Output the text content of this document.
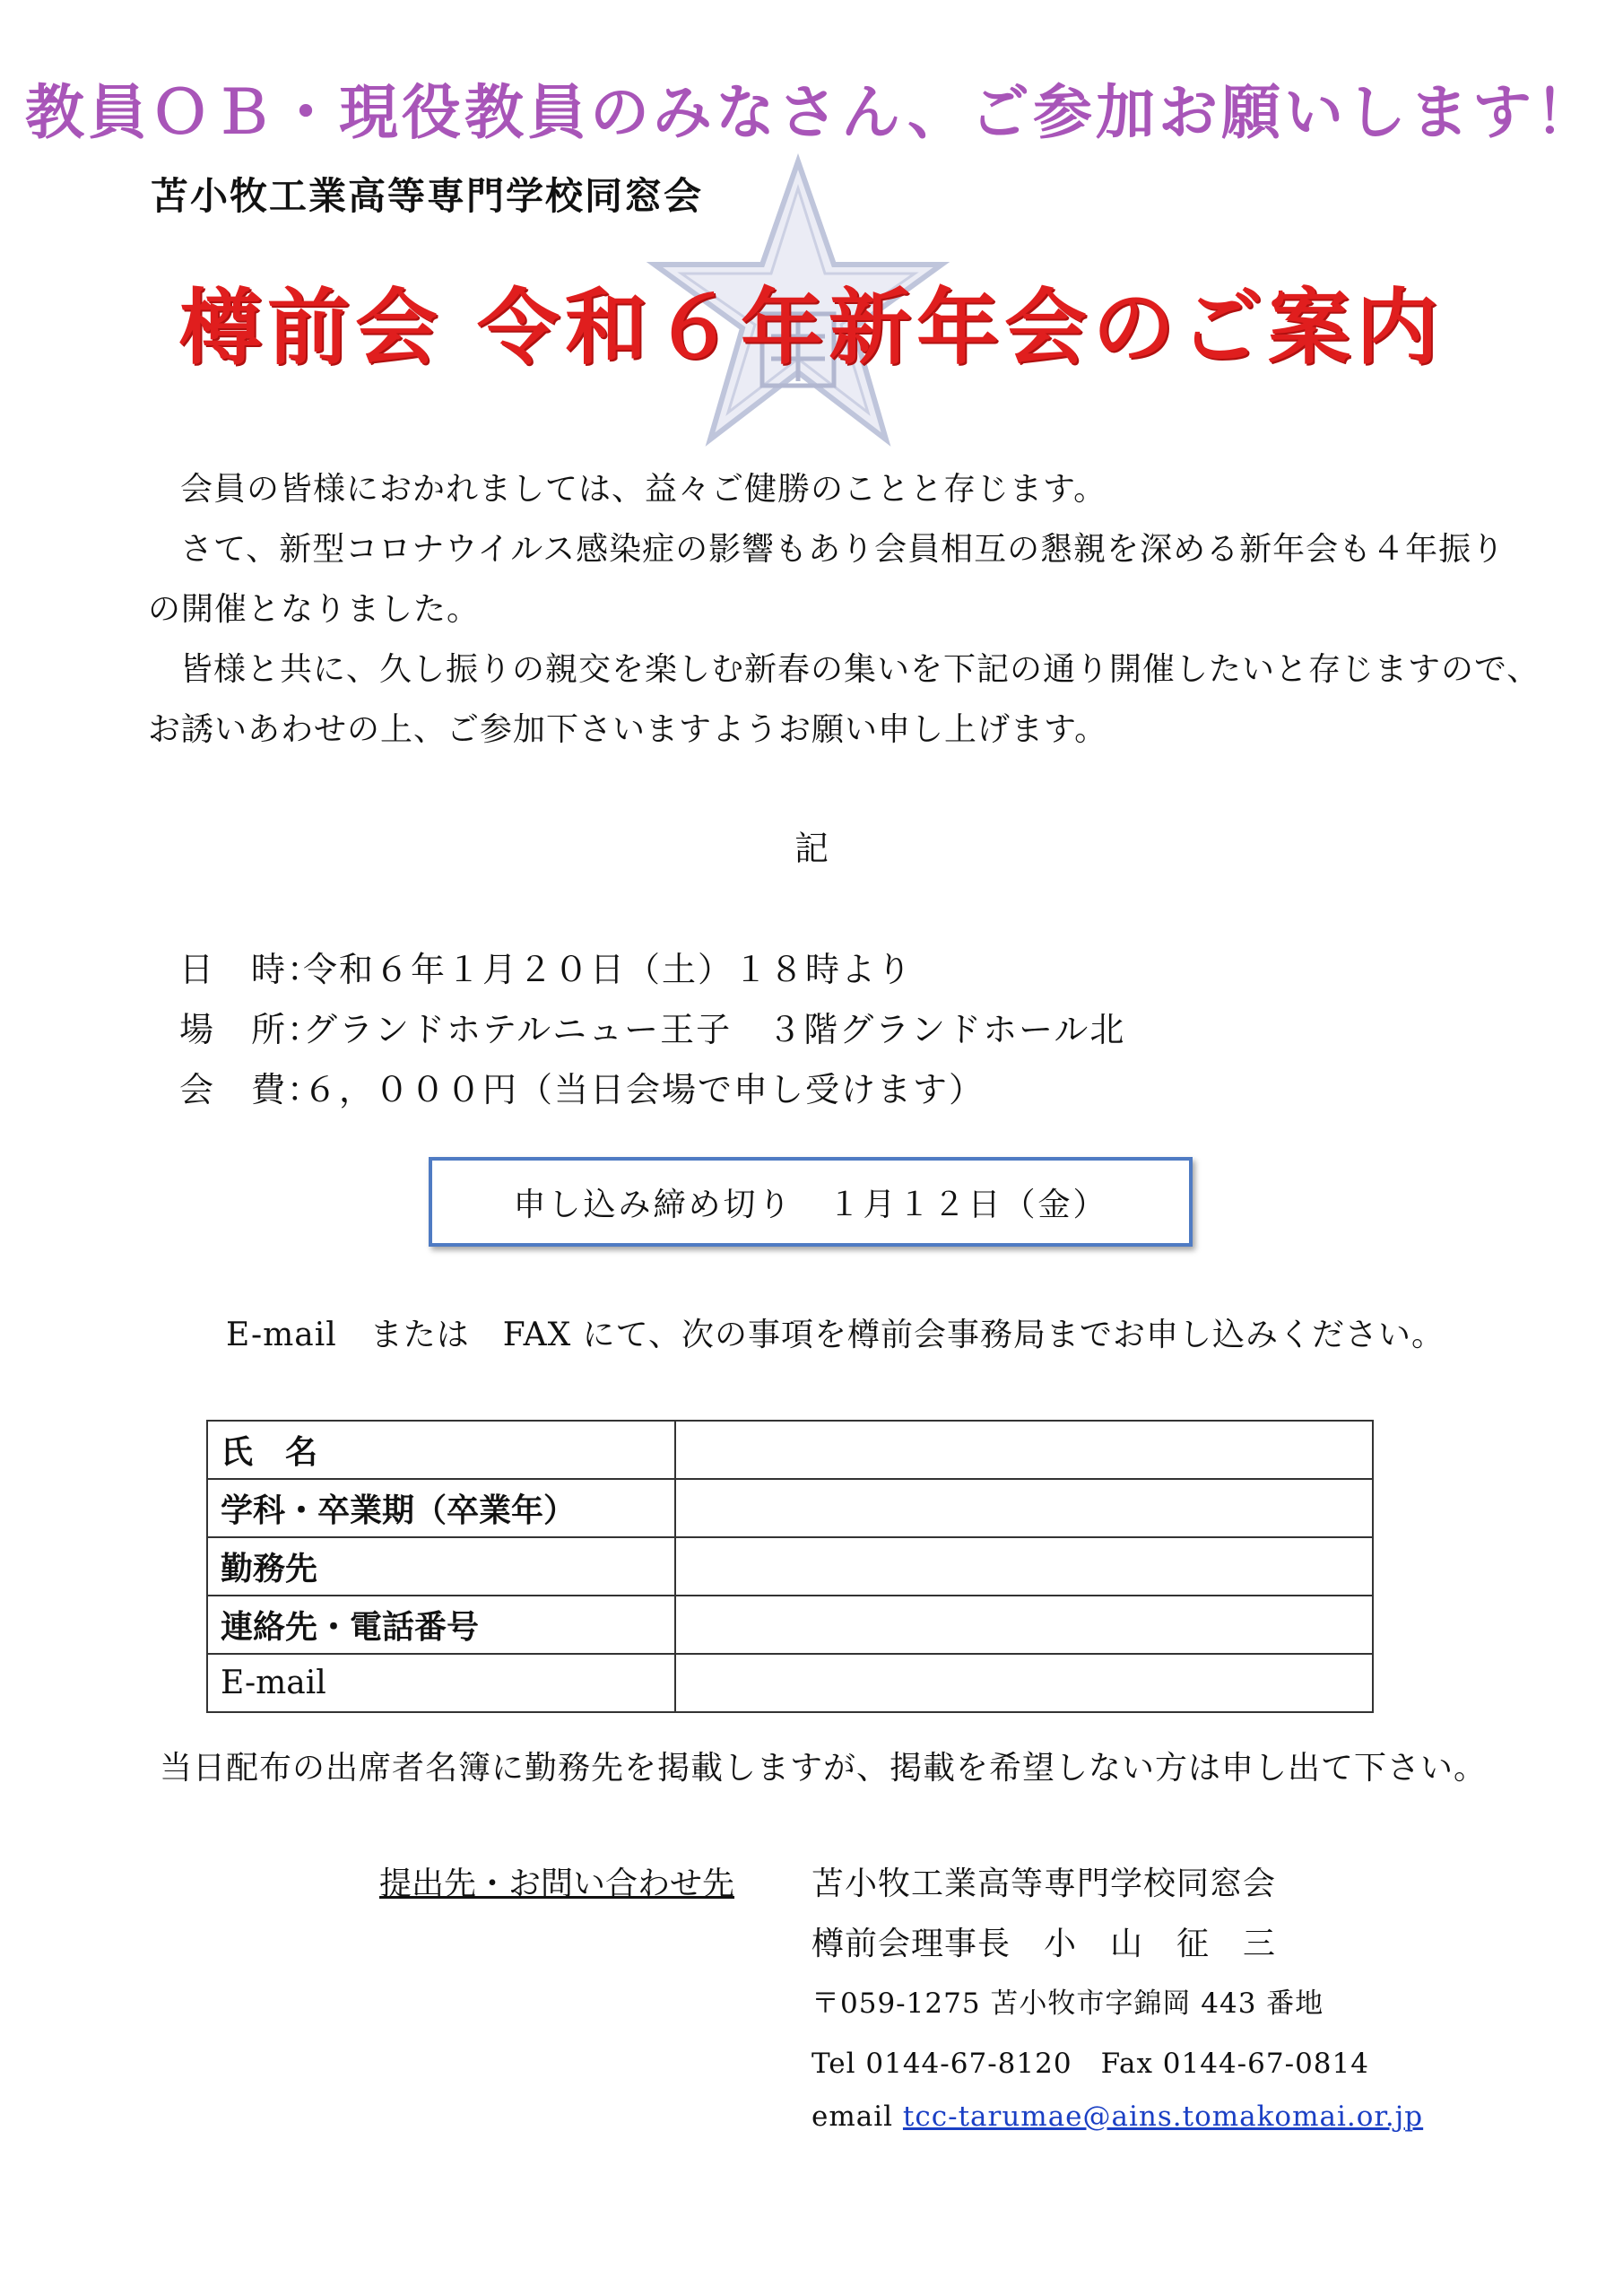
教員ＯＢ・現役教員のみなさん、ご参加お願いします！
苫小牧工業高等専門学校同窓会
樽前会 令和６年新年会のご案内
会員の皆様におかれましては、益々ご健勝のことと存じます。
さて、新型コロナウイルス感染症の影響もあり会員相互の懇親を深める新年会も４年振り
の開催となりました。
皆様と共に、久し振りの親交を楽しむ新春の集いを下記の通り開催したいと存じますので、
お誘いあわせの上、ご参加下さいますようお願い申し上げます。
記
日　時：令和６年１月２０日（土）１８時より
場　所：グランドホテルニュー王子　３階グランドホール北
会　費：６，０００円（当日会場で申し受けます）
申し込み締め切り　１月１２日（金）
E-mail　または　FAX にて、次の事項を樽前会事務局までお申し込みください。
氏　名	
学科・卒業期（卒業年）	
勤務先	
連絡先・電話番号	
E-mail	
当日配布の出席者名簿に勤務先を掲載しますが、掲載を希望しない方は申し出て下さい。
提出先・お問い合わせ先 苫小牧工業高等専門学校同窓会
樽前会理事長　小　山　征　三
〒059-1275 苫小牧市字錦岡 443 番地
Tel 0144-67-8120　Fax 0144-67-0814
email tcc-tarumae@ains.tomakomai.or.jp
